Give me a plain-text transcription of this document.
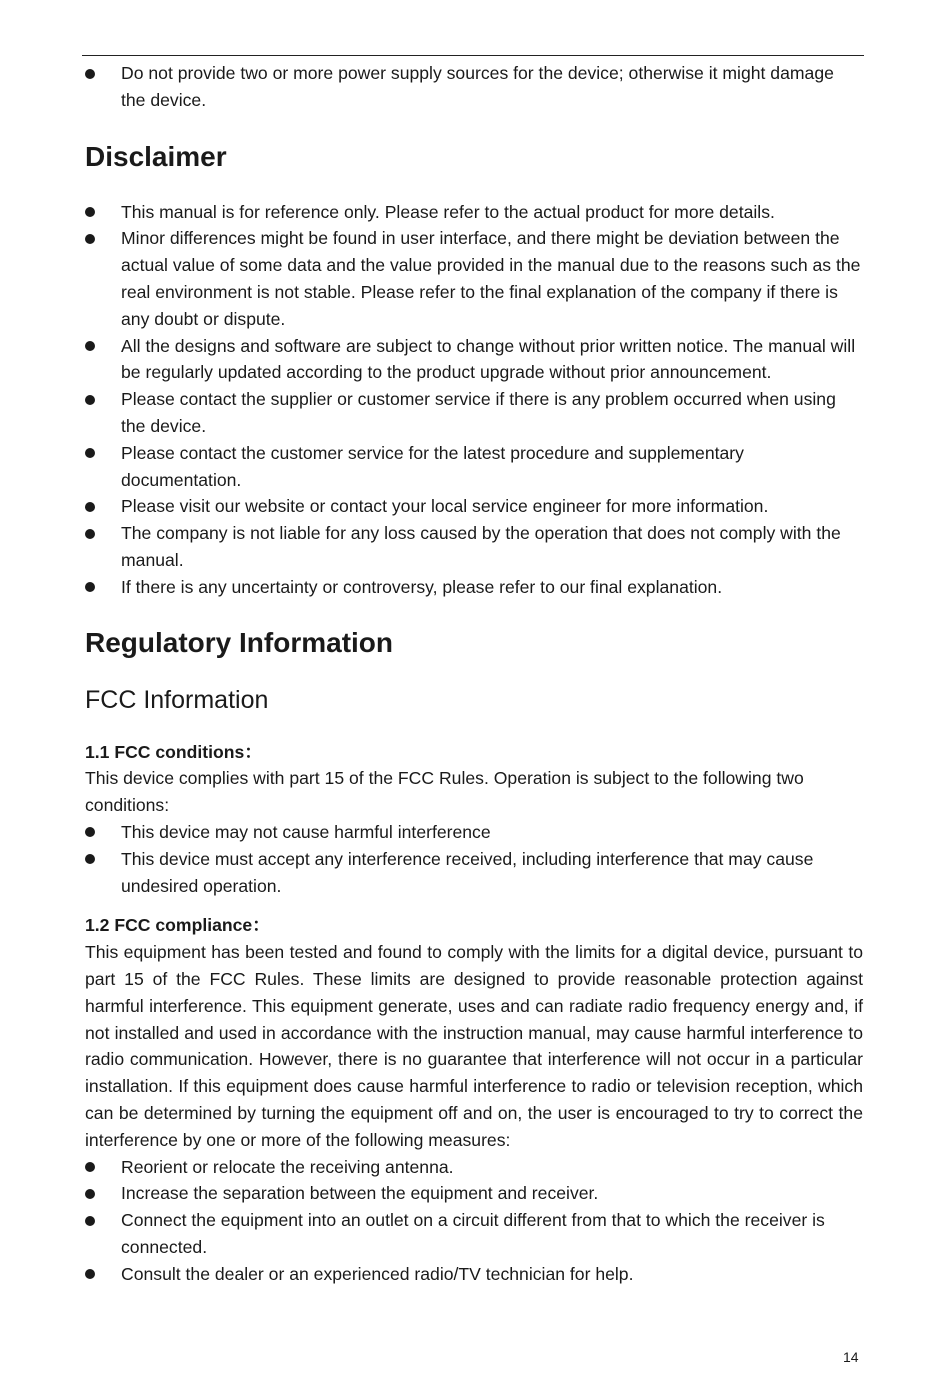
Do not provide two or more power supply sources for the device; otherwise it might damage the device.
Disclaimer
This manual is for reference only. Please refer to the actual product for more details.
Minor differences might be found in user interface, and there might be deviation between the actual value of some data and the value provided in the manual due to the reasons such as the real environment is not stable. Please refer to the final explanation of the company if there is any doubt or dispute.
All the designs and software are subject to change without prior written notice. The manual will be regularly updated according to the product upgrade without prior announcement.
Please contact the supplier or customer service if there is any problem occurred when using the device.
Please contact the customer service for the latest procedure and supplementary documentation.
Please visit our website or contact your local service engineer for more information.
The company is not liable for any loss caused by the operation that does not comply with the manual.
If there is any uncertainty or controversy, please refer to our final explanation.
Regulatory Information
FCC Information

1.1 FCC conditions：

This device complies with part 15 of the FCC Rules. Operation is subject to the following two conditions:

This device may not cause harmful interference
This device must accept any interference received, including interference that may cause undesired operation.

1.2 FCC compliance：

This equipment has been tested and found to comply with the limits for a digital device, pursuant to part 15 of the FCC Rules. These limits are designed to provide reasonable protection against harmful interference. This equipment generate, uses and can radiate radio frequency energy and, if not installed and used in accordance with the instruction manual, may cause harmful interference to radio communication. However, there is no guarantee that interference will not occur in a particular installation. If this equipment does cause harmful interference to radio or television reception, which can be determined by turning the equipment off and on, the user is encouraged to try to correct the interference by one or more of the following measures:

Reorient or relocate the receiving antenna.
Increase the separation between the equipment and receiver.
Connect the equipment into an outlet on a circuit different from that to which the receiver is connected.
Consult the dealer or an experienced radio/TV technician for help.
14
